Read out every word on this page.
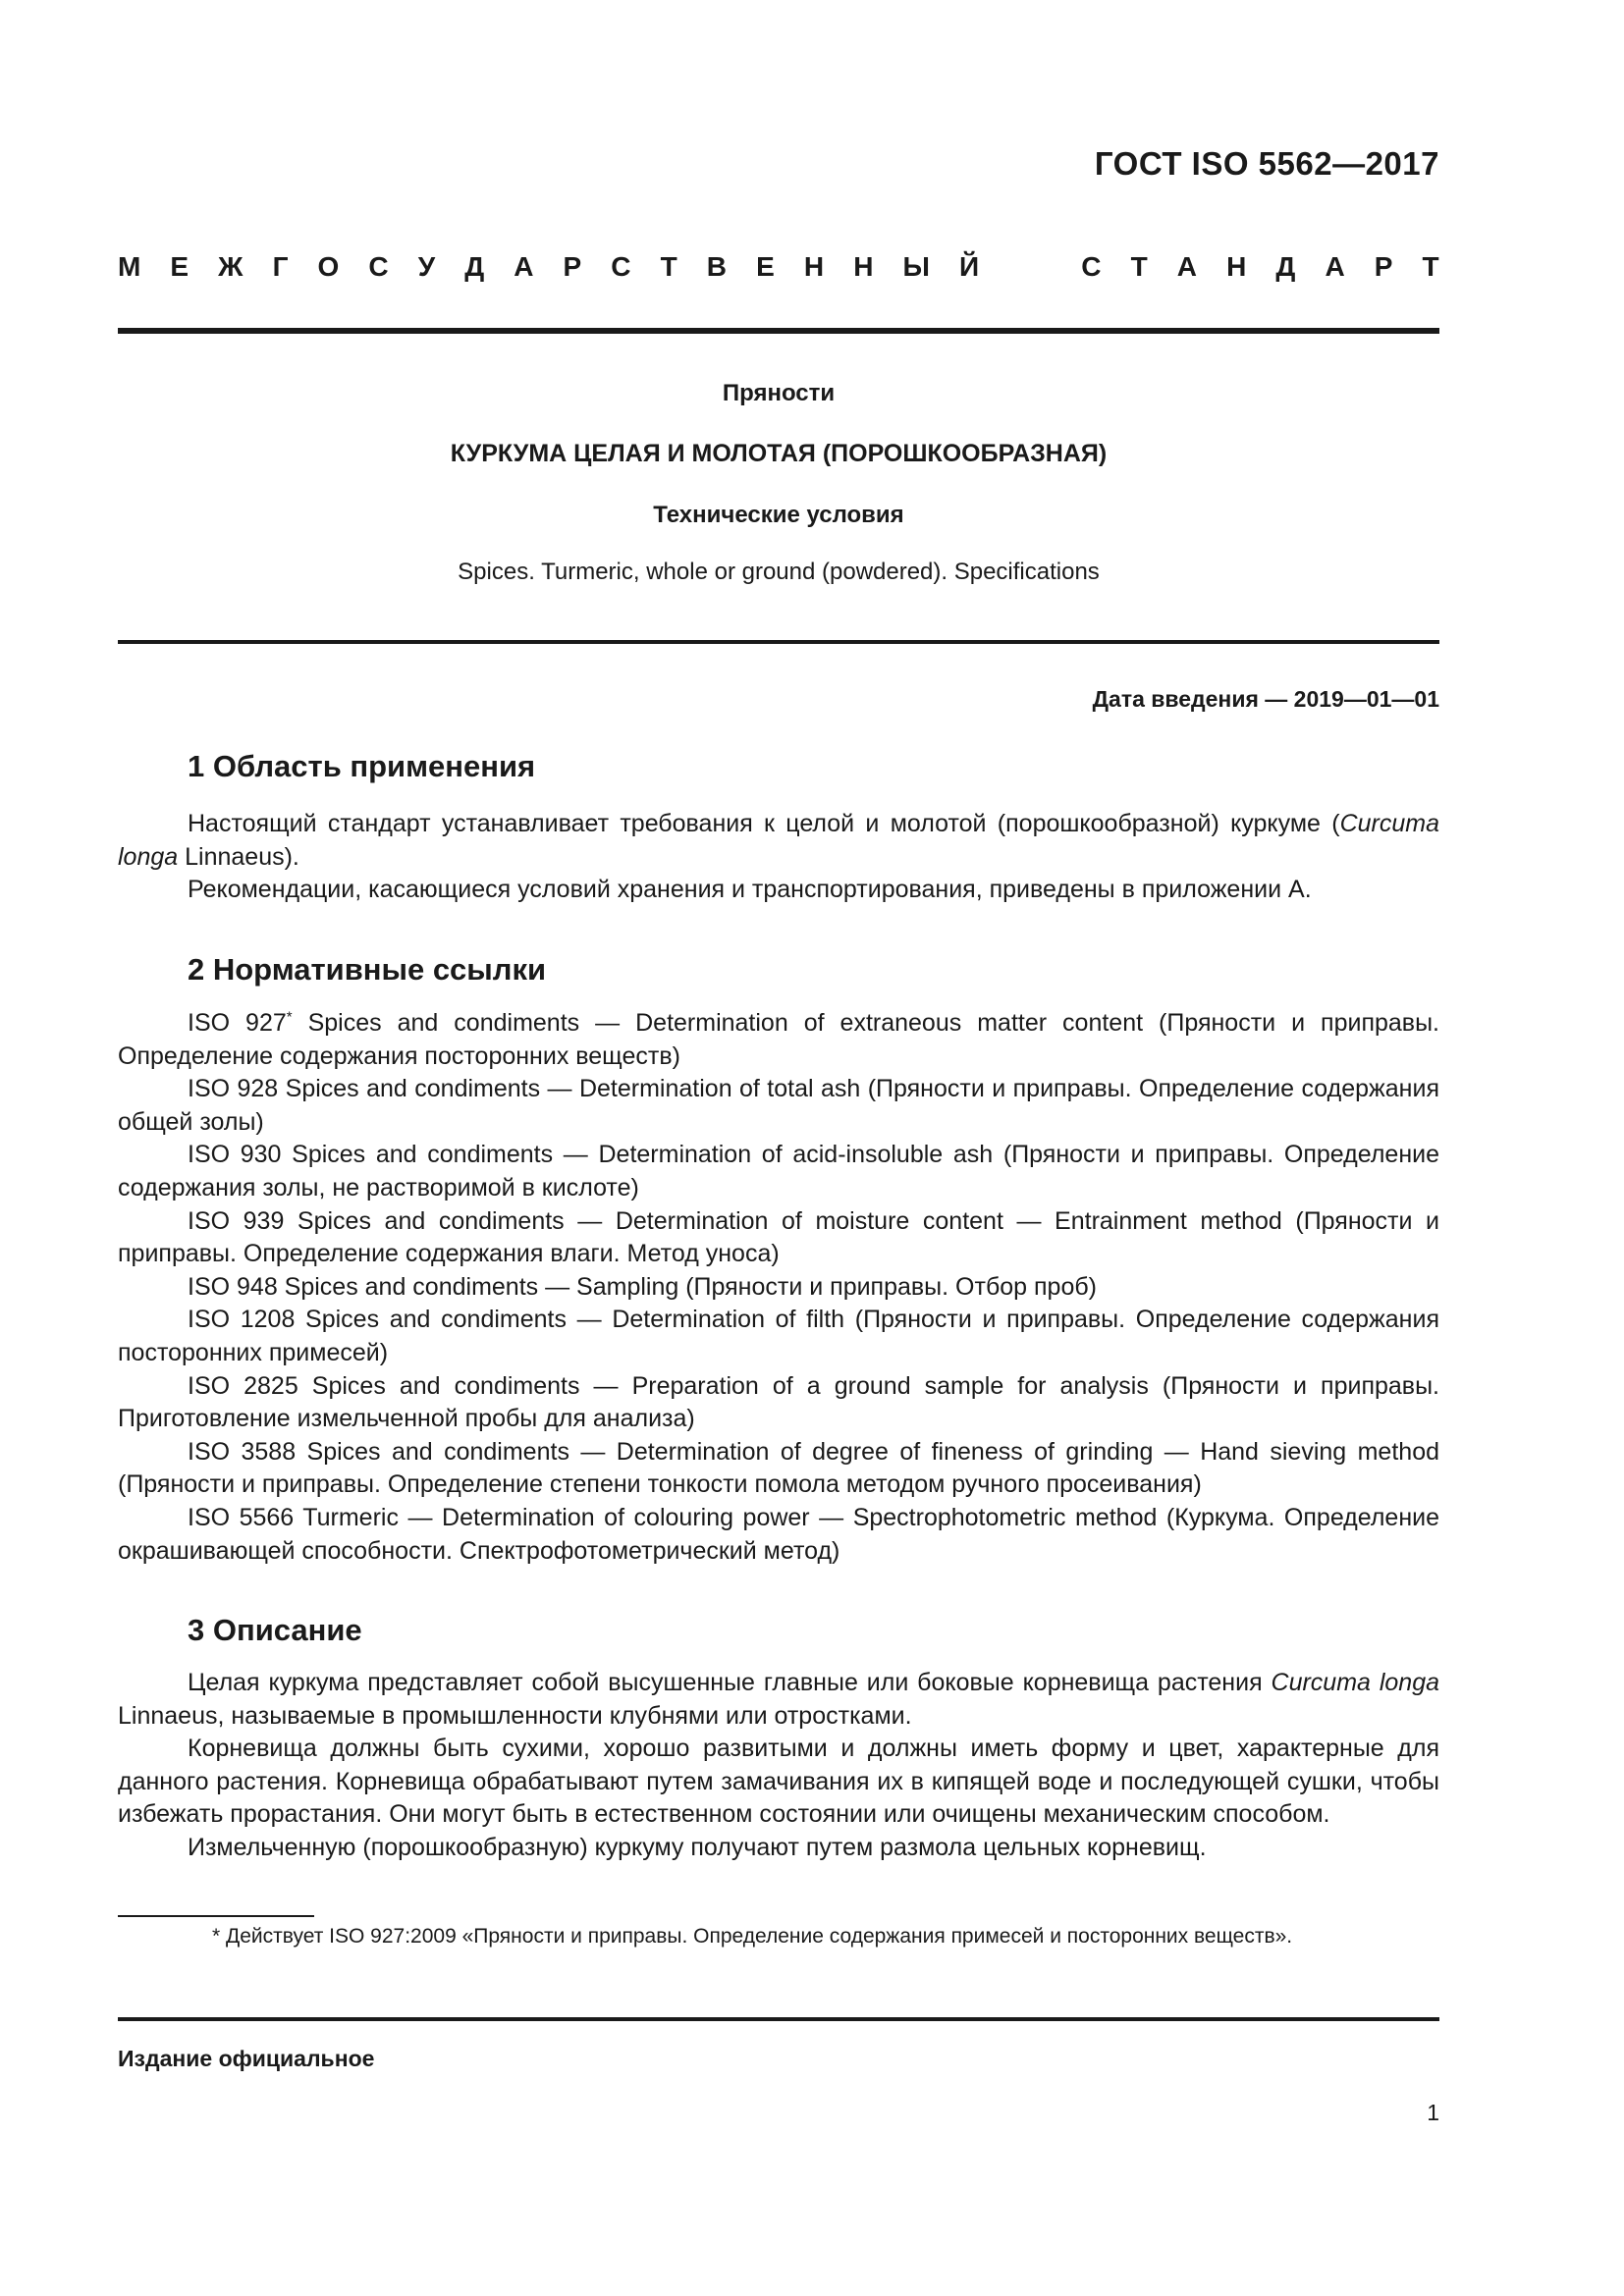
ГОСТ ISO 5562—2017
М Е Ж Г О С У Д А Р С Т В Е Н Н Ы Й	С Т А Н Д А Р Т
Пряности
КУРКУМА ЦЕЛАЯ И МОЛОТАЯ (ПОРОШКООБРАЗНАЯ)
Технические условия
Spices. Turmeric, whole or ground (powdered). Specifications
Дата введения — 2019—01—01
1 Область применения

Настоящий стандарт устанавливает требования к целой и молотой (порошкообразной) куркуме (Curcuma longa Linnaeus).

Рекомендации, касающиеся условий хранения и транспортирования, приведены в приложении А.

2 Нормативные ссылки

ISO 927* Spices and condiments — Determination of extraneous matter content (Пряности и приправы. Определение содержания посторонних веществ)

ISO 928 Spices and condiments — Determination of total ash (Пряности и приправы. Определение содержания общей золы)

ISO 930 Spices and condiments — Determination of acid-insoluble ash (Пряности и приправы. Определение содержания золы, не растворимой в кислоте)

ISO 939 Spices and condiments — Determination of moisture content — Entrainment method (Пряности и приправы. Определение содержания влаги. Метод уноса)

ISO 948 Spices and condiments — Sampling (Пряности и приправы. Отбор проб)

ISO 1208 Spices and condiments — Determination of filth (Пряности и приправы. Определение содержания посторонних примесей)

ISO 2825 Spices and condiments — Preparation of a ground sample for analysis (Пряности и приправы. Приготовление измельченной пробы для анализа)

ISO 3588 Spices and condiments — Determination of degree of fineness of grinding — Hand sieving method (Пряности и приправы. Определение степени тонкости помола методом ручного просеивания)

ISO 5566 Turmeric — Determination of colouring power — Spectrophotometric method (Куркума. Определение окрашивающей способности. Спектрофотометрический метод)

3 Описание

Целая куркума представляет собой высушенные главные или боковые корневища растения Curcuma longa Linnaeus, называемые в промышленности клубнями или отростками.

Корневища должны быть сухими, хорошо развитыми и должны иметь форму и цвет, характерные для данного растения. Корневища обрабатывают путем замачивания их в кипящей воде и последующей сушки, чтобы избежать прорастания. Они могут быть в естественном состоянии или очищены механическим способом.

Измельченную (порошкообразную) куркуму получают путем размола цельных корневищ.

* Действует ISO 927:2009 «Пряности и приправы. Определение содержания примесей и посторонних веществ».

Издание официальное
1
